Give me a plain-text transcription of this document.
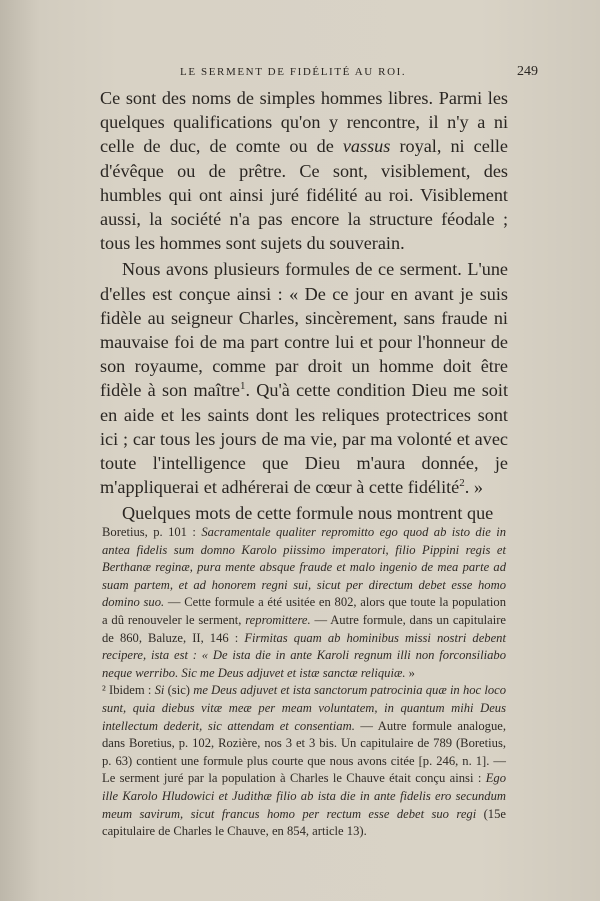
LE SERMENT DE FIDÉLITÉ AU ROI.	249

Ce sont des noms de simples hommes libres. Parmi les quelques qualifications qu'on y rencontre, il n'y a ni celle de duc, de comte ou de vassus royal, ni celle d'évêque ou de prêtre. Ce sont, visiblement, des humbles qui ont ainsi juré fidélité au roi. Visiblement aussi, la société n'a pas encore la structure féodale ; tous les hommes sont sujets du souverain.

Nous avons plusieurs formules de ce serment. L'une d'elles est conçue ainsi : « De ce jour en avant je suis fidèle au seigneur Charles, sincèrement, sans fraude ni mauvaise foi de ma part contre lui et pour l'honneur de son royaume, comme par droit un homme doit être fidèle à son maître$^1$. Qu'à cette condition Dieu me soit en aide et les saints dont les reliques protectrices sont ici ; car tous les jours de ma vie, par ma volonté et avec toute l'intelligence que Dieu m'aura donnée, je m'appliquerai et adhérerai de cœur à cette fidélité$^2$. »

Quelques mots de cette formule nous montrent que

Boretius, p. 101 : Sacramentale qualiter repromitto ego quod ab isto die in antea fidelis sum domno Karolo piissimo imperatori, filio Pippini regis et Berthanæ reginæ, pura mente absque fraude et malo ingenio de mea parte ad suam partem, et ad honorem regni sui, sicut per directum debet esse homo domino suo. — Cette formule a été usitée en 802, alors que toute la population a dû renouveler le serment, repromittere. — Autre formule, dans un capitulaire de 860, Baluze, II, 146 : Firmitas quam ab hominibus missi nostri debent recipere, ista est : « De ista die in ante Karoli regnum illi non forconsiliabo neque werribo. Sic me Deus adjuvet et istæ sanctæ reliquiæ. »

² Ibidem : Si (sic) me Deus adjuvet et ista sanctorum patrocinia quæ in hoc loco sunt, quia diebus vitæ meæ per meam voluntatem, in quantum mihi Deus intellectum dederit, sic attendam et consentiam. — Autre formule analogue, dans Boretius, p. 102, Rozière, nos 3 et 3 bis. Un capitulaire de 789 (Boretius, p. 63) contient une formule plus courte que nous avons citée [p. 246, n. 1]. — Le serment juré par la population à Charles le Chauve était conçu ainsi : Ego ille Karolo Hludowici et Judithæ filio ab ista die in ante fidelis ero secundum meum savirum, sicut francus homo per rectum esse debet suo regi (15e capitulaire de Charles le Chauve, en 854, article 13).
